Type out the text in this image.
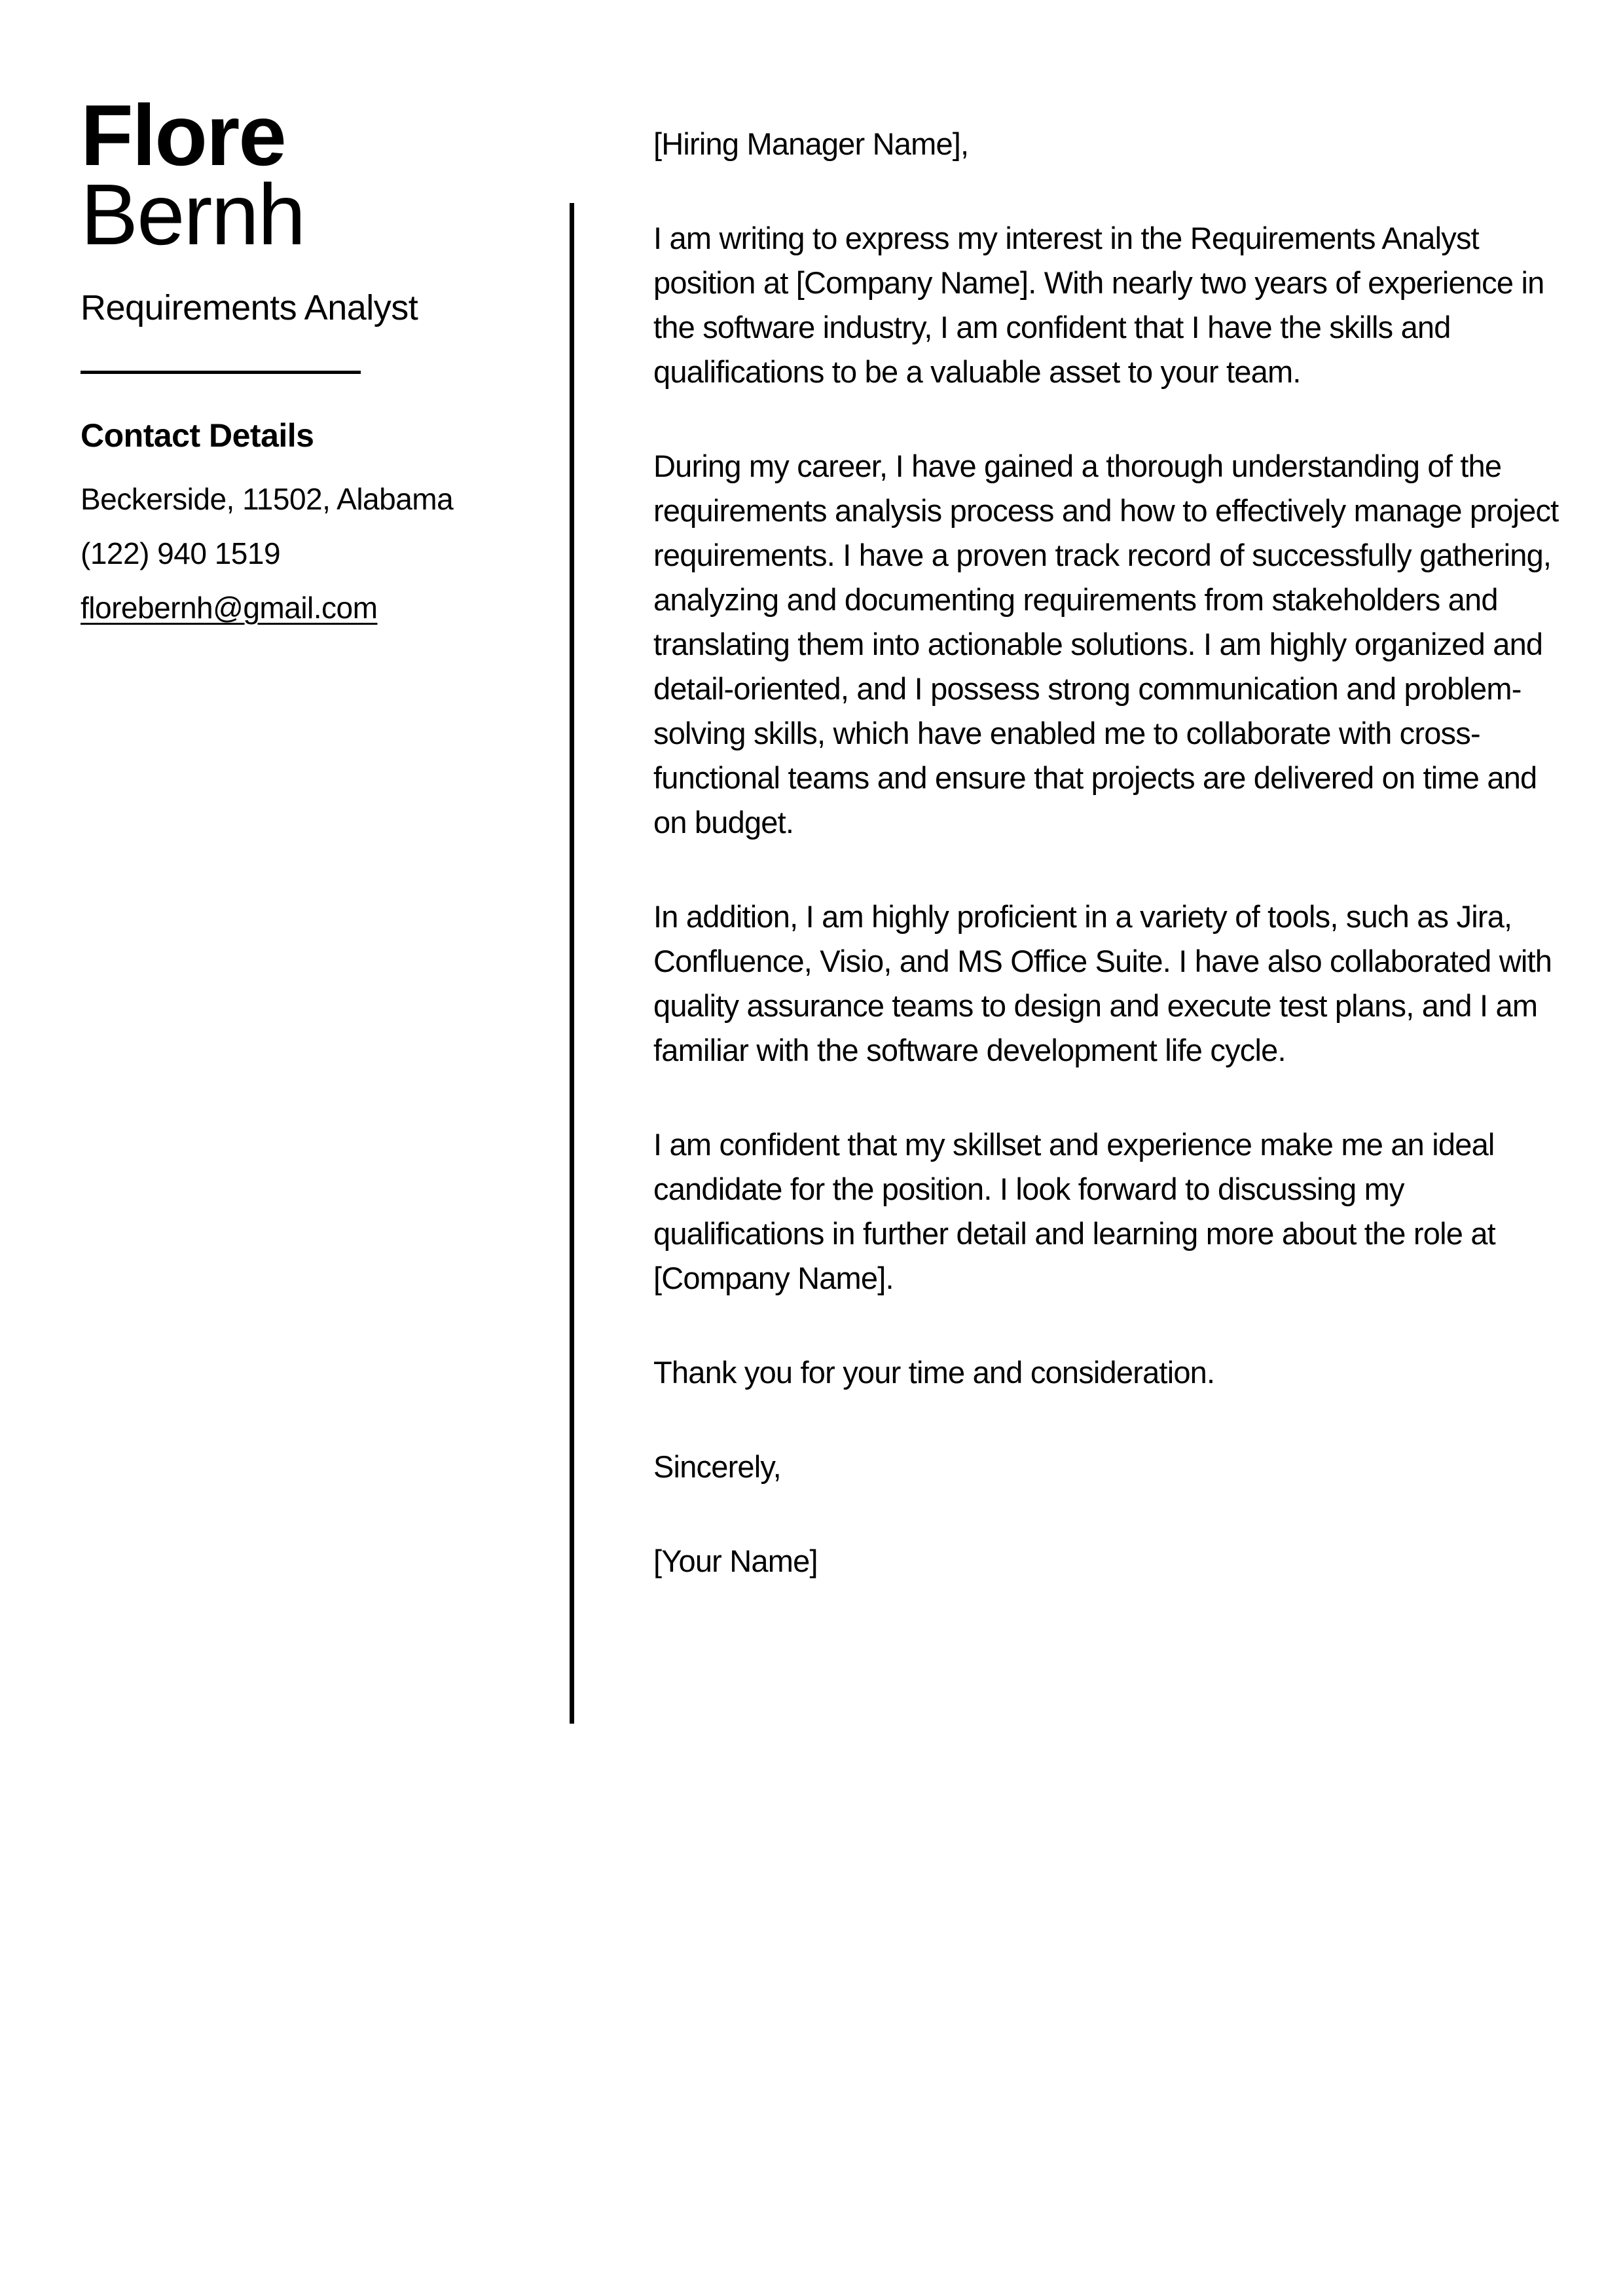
Flore
Bernh
Requirements Analyst
Contact Details
Beckerside, 11502, Alabama
(122) 940 1519
florebernh@gmail.com

[Hiring Manager Name],

I am writing to express my interest in the Requirements Analyst position at [Company Name]. With nearly two years of experience in the software industry, I am confident that I have the skills and qualifications to be a valuable asset to your team.

During my career, I have gained a thorough understanding of the requirements analysis process and how to effectively manage project requirements. I have a proven track record of successfully gathering, analyzing and documenting requirements from stakeholders and translating them into actionable solutions. I am highly organized and detail-oriented, and I possess strong communication and problem-solving skills, which have enabled me to collaborate with cross-functional teams and ensure that projects are delivered on time and on budget.

In addition, I am highly proficient in a variety of tools, such as Jira, Confluence, Visio, and MS Office Suite. I have also collaborated with quality assurance teams to design and execute test plans, and I am familiar with the software development life cycle.

I am confident that my skillset and experience make me an ideal candidate for the position. I look forward to discussing my qualifications in further detail and learning more about the role at [Company Name].

Thank you for your time and consideration.

Sincerely,

[Your Name]
